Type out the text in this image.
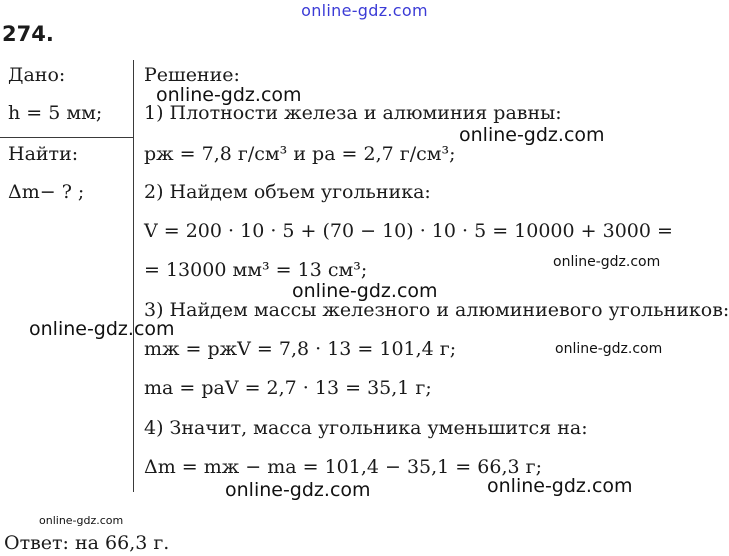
online-gdz.com
274.
Дано:
h = 5 мм;
Найти:
Δm− ? ;
Решение:
1) Плотности железа и алюминия равны:
pж = 7,8 г/см³ и pа = 2,7 г/см³;
2) Найдем объем угольника:
V = 200 · 10 · 5 + (70 − 10) · 10 · 5 = 10000 + 3000 =
= 13000 мм³ = 13 см³;
3) Найдем массы железного и алюминиевого угольников:
mж = pжV = 7,8 · 13 = 101,4 г;
mа = pаV = 2,7 · 13 = 35,1 г;
4) Значит, масса угольника уменьшится на:
Δm = mж − mа = 101,4 − 35,1 = 66,3 г;
online-gdz.com
online-gdz.com
online-gdz.com
online-gdz.com
online-gdz.com
online-gdz.com
online-gdz.com	online-gdz.com
online-gdz.com
Ответ: на 66,3 г.
